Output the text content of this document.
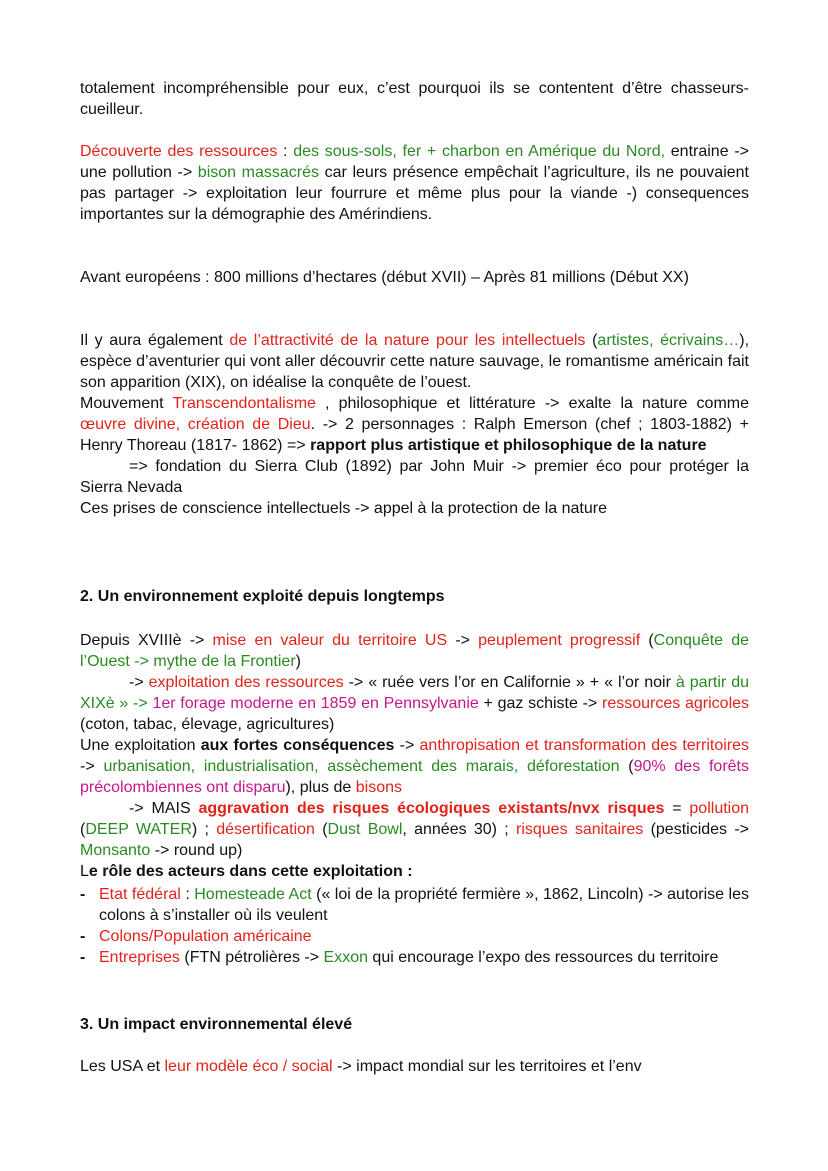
totalement incompréhensible pour eux, c’est pourquoi ils se contentent d’être chasseurs-cueilleur.

Découverte des ressources : des sous-sols, fer + charbon en Amérique du Nord, entraine -> une pollution -> bison massacrés car leurs présence empêchait l’agriculture, ils ne pouvaient pas partager -> exploitation leur fourrure et même plus pour la viande -) consequences importantes sur la démographie des Amérindiens.

Avant européens : 800 millions d’hectares (début XVII) – Après 81 millions (Début XX)

Il y aura également de l’attractivité de la nature pour les intellectuels (artistes, écrivains…), espèce d’aventurier qui vont aller découvrir cette nature sauvage, le romantisme américain fait son apparition (XIX), on idéalise la conquête de l’ouest.
Mouvement Transcendontalisme , philosophique et littérature -> exalte la nature comme œuvre divine, création de Dieu. -> 2 personnages : Ralph Emerson (chef ; 1803-1882) + Henry Thoreau (1817- 1862) => rapport plus artistique et philosophique de la nature
=> fondation du Sierra Club (1892) par John Muir -> premier éco pour protéger la Sierra Nevada
Ces prises de conscience intellectuels -> appel à la protection de la nature
2. Un environnement exploité depuis longtemps

Depuis XVIIIè -> mise en valeur du territoire US -> peuplement progressif (Conquête de l’Ouest -> mythe de la Frontier)

-> exploitation des ressources -> « ruée vers l’or en Californie » + « l’or noir à partir du XIXè » -> 1er forage moderne en 1859 en Pennsylvanie + gaz schiste -> ressources agricoles (coton, tabac, élevage, agricultures)

Une exploitation aux fortes conséquences -> anthropisation et transformation des territoires -> urbanisation, industrialisation, assèchement des marais, déforestation (90% des forêts précolombiennes ont disparu), plus de bisons

-> MAIS aggravation des risques écologiques existants/nvx risques = pollution (DEEP WATER) ; désertification (Dust Bowl, années 30) ; risques sanitaires (pesticides -> Monsanto -> round up)

Le rôle des acteurs dans cette exploitation :

- Etat fédéral : Homesteade Act (« loi de la propriété fermière », 1862, Lincoln) -> autorise les colons à s’installer où ils veulent
- Colons/Population américaine
- Entreprises (FTN pétrolières -> Exxon qui encourage l’expo des ressources du territoire
3. Un impact environnemental élevé

Les USA et leur modèle éco / social -> impact mondial sur les territoires et l’env
